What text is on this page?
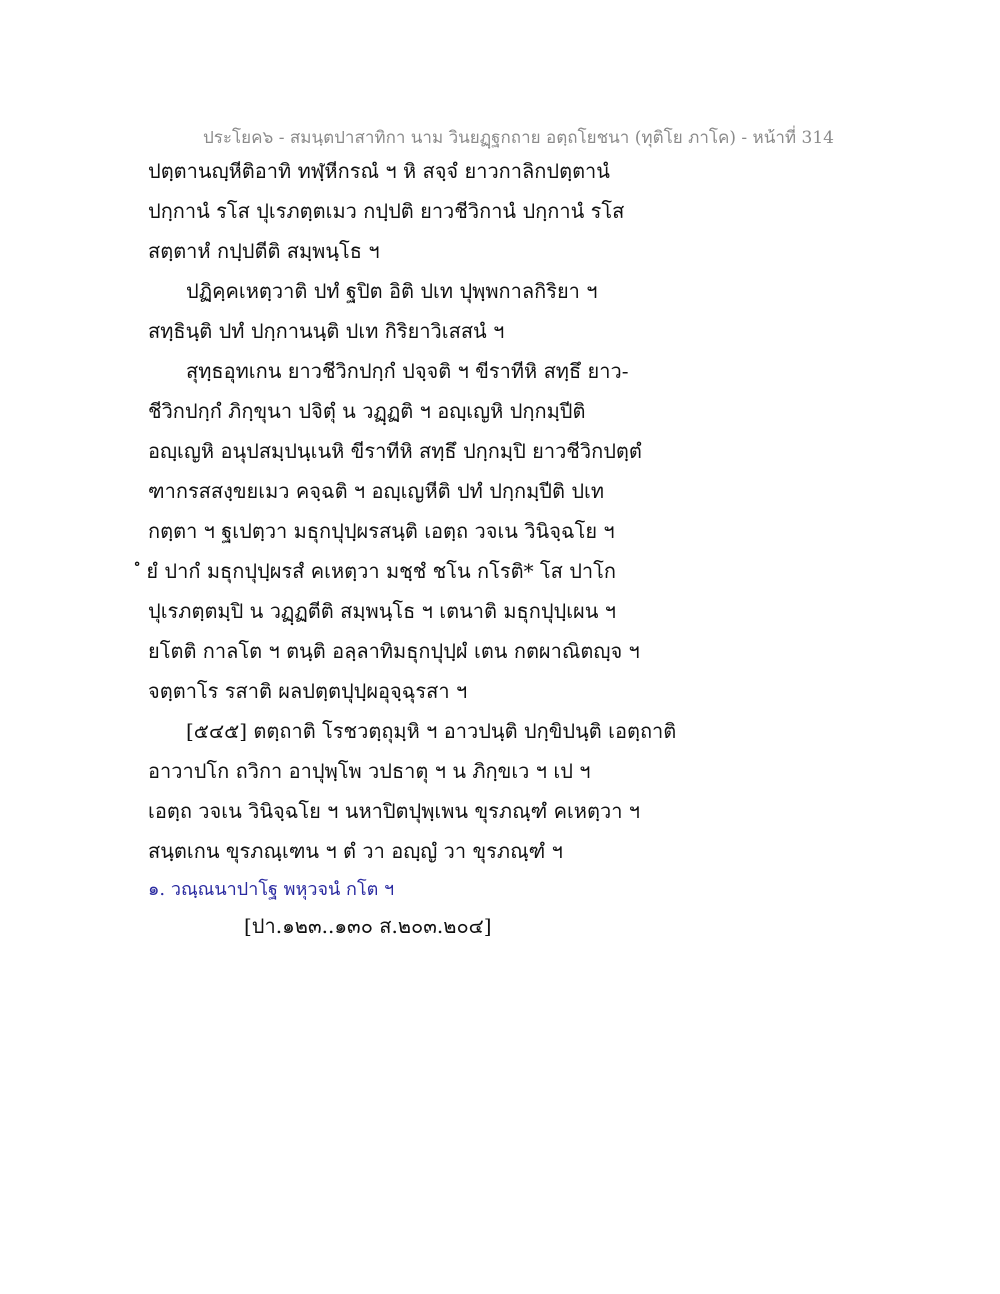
ประโยค๖ - สมนฺตปาสาทิกา นาม วินยฏฺฐกถาย อตฺถโยชนา (ทุติโย ภาโค) - หน้าที่ 314
ปตฺตานญฺหีติอาทิ ทฬฺหีกรณํ ฯ หิ สจฺจํ ยาวกาลิกปตฺตานํ
ปกฺกานํ รโส ปุเรภตฺตเมว กปฺปติ ยาวชีวิกานํ ปกฺกานํ รโส
สตฺตาหํ กปฺปตีติ สมฺพนฺโธ ฯ
ปฏิคฺคเหตฺวาติ ปทํ ฐปิต อิติ ปเท ปุพฺพกาลกิริยา ฯ
สทฺธินฺติ ปทํ ปกฺกานนฺติ ปเท กิริยาวิเสสนํ ฯ
สุทฺธอุทเกน ยาวชีวิกปกฺกํ ปจฺจติ ฯ ขีราทีหิ สทฺธึ ยาว-
ชีวิกปกฺกํ ภิกฺขุนา ปจิตุํ น วฏฺฏติ ฯ อญฺเญหิ ปกฺกมฺปีติ
อญฺเญหิ อนุปสมฺปนฺเนหิ ขีราทีหิ สทฺธึ ปกฺกมฺปิ ยาวชีวิกปตฺตํ
ฑากรสสงฺขยเมว คจฺฉติ ฯ อญฺเญหีติ ปทํ ปกฺกมฺปีติ ปเท
กตฺตา ฯ ฐเปตฺวา มธุกปุปฺผรสนฺติ เอตฺถ วจเน วินิจฺฉโย ฯ
ํ ยํ ปากํ มธุกปุปฺผรสํ คเหตฺวา มชฺชํ ชโน กโรติ* โส ปาโก
ปุเรภตฺตมฺปิ น วฏฺฏตีติ สมฺพนฺโธ ฯ เตนาติ มธุกปุปฺเผน ฯ
ยโตติ กาลโต ฯ ตนฺติ อลฺลาทิมธุกปุปฺผํ เตน กตผาณิตญฺจ ฯ
จตฺตาโร รสาติ ผลปตฺตปุปฺผอุจฺฉุรสา ฯ
[๕๔๕] ตตฺถาติ โรชวตฺถุมฺหิ ฯ อาวปนฺติ ปกฺขิปนฺติ เอตฺถาติ
อาวาปโก ถวิกา อาปุพฺโพ วปธาตุ ฯ น ภิกฺขเว ฯ เป ฯ
เอตฺถ วจเน วินิจฺฉโย ฯ นหาปิตปุพฺเพน ขุรภณฺฑํ คเหตฺวา ฯ
สนฺตเกน ขุรภณฺเฑน ฯ ตํ วา อญฺญํ วา ขุรภณฺฑํ ฯ
๑. วณฺณนาปาโฐ พหุวจนํ กโต ฯ
[ปา.๑๒๓..๑๓๐ ส.๒๐๓.๒๐๔]
